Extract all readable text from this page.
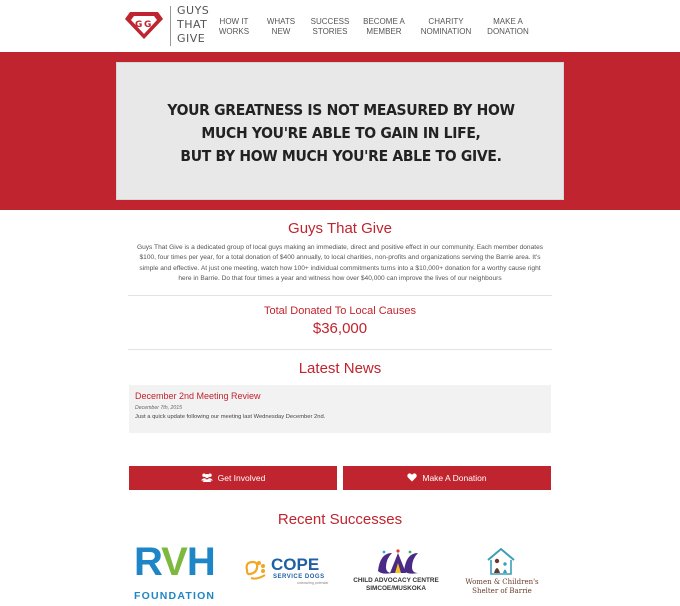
G G
GUYS
THAT
GIVE
HOW IT
WORKS
WHATS
NEW
SUCCESS
STORIES
BECOME A
MEMBER
CHARITY
NOMINATION
MAKE A
DONATION
YOUR GREATNESS IS NOT MEASURED BY HOW
MUCH YOU'RE ABLE TO GAIN IN LIFE,
BUT BY HOW MUCH YOU'RE ABLE TO GIVE.
Guys That Give

Guys That Give is a dedicated group of local guys making an immediate, direct and positive effect in our community. Each member donates $100, four times per year, for a total donation of $400 annually, to local charities, non-profits and organizations serving the Barrie area. It's simple and effective. At just one meeting, watch how 100+ individual commitments turns into a $10,000+ donation for a worthy cause right here in Barrie. Do that four times a year and witness how over $40,000 can improve the lives of our neighbours

Total Donated To Local Causes
$36,000
Latest News
December 2nd Meeting Review
December 7th, 2015
Just a quick update following our meeting last Wednesday December 2nd.
Get Involved	Make A Donation
Recent Successes
RVH
FOUNDATION
COPE
SERVICE DOGS
unleashing potential	CHILD ADVOCACY CENTRE
SIMCOE/MUSKOKA
Women & Children's
Shelter of Barrie
